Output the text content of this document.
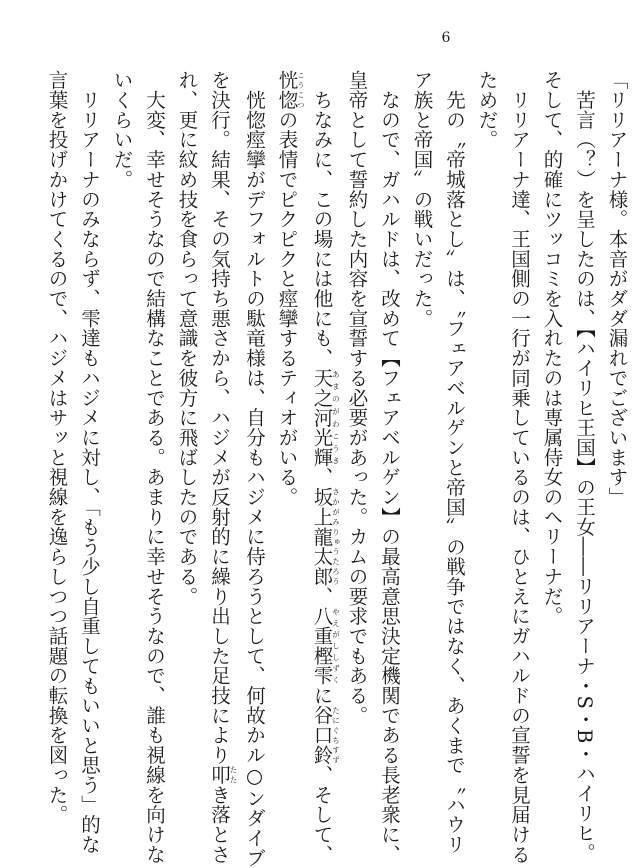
6

「リリアーナ様。本音がダダ漏れでございます」

　苦言（？）を呈したのは、【ハイリヒ王国】の王女――リリアーナ・S・B・ハイリヒ。

そして、的確にツッコミを入れたのは専属侍女のヘリーナだ。

　リリアーナ達、王国側の一行が同乗しているのは、ひとえにガハルドの宣誓を見届ける

ためだ。

　先の〝帝城落とし〟は、〝フェアベルゲンと帝国〟の戦争ではなく、あくまで〝ハウリ

ア族と帝国〟の戦いだった。

　なので、ガハルドは、改めて【フェアベルゲン】の最高意思決定機関である長老衆に、

皇帝として誓約した内容を宣誓する必要があった。カムの要求でもある。

　ちなみに、この場には他にも、天之河光輝あまのがわこうき、坂上龍太郎さかがみりゅうたろう、八重樫雫やえがししずくに谷口鈴たにぐちすず、そして、

恍惚こうこつの表情でピクピクと痙攣するティオがいる。

　恍惚痙攣がデフォルトの駄竜様は、自分もハジメに侍ろうとして、何故かル○ンダイブ

を決行。結果、その気持ち悪さから、ハジメが反射的に繰り出した足技により叩たたき落とさ

れ、更に紋め技を食らって意識を彼方に飛ばしたのである。

　大変、幸せそうなので結構なことである。あまりに幸せそうなので、誰も視線を向けな

いくらいだ。

　リリアーナのみならず、雫達もハジメに対し、「もう少し自重してもいいと思う」的な

言葉を投げかけてくるので、ハジメはサッと視線を逸らしつつ話題の転換を図った。
